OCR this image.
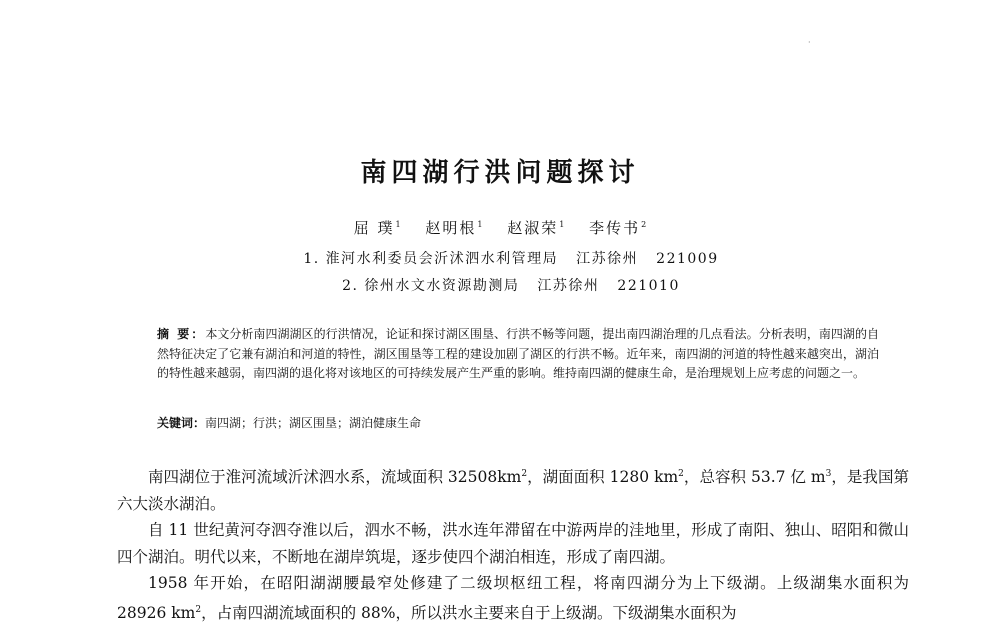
·
南四湖行洪问题探讨
屈 璞$^1$ 赵明根$^1$ 赵淑荣$^1$ 李传书$^2$
1. 淮河水利委员会沂沭泗水利管理局 江苏徐州 221009
2. 徐州水文水资源勘测局 江苏徐州 221010
摘 要：本文分析南四湖湖区的行洪情况，论证和探讨湖区围垦、行洪不畅等问题，提出南四湖治理的几点看法。分析表明，南四湖的自然特征决定了它兼有湖泊和河道的特性，湖区围垦等工程的建设加剧了湖区的行洪不畅。近年来，南四湖的河道的特性越来越突出，湖泊的特性越来越弱，南四湖的退化将对该地区的可持续发展产生严重的影响。维持南四湖的健康生命，是治理规划上应考虑的问题之一。
关键词：南四湖；行洪；湖区围垦；湖泊健康生命

南四湖位于淮河流域沂沭泗水系，流域面积 $32508km^2$，湖面面积 1280 $km^2$，总容积 53.7 亿 $m^3$，是我国第六大淡水湖泊。

自 11 世纪黄河夺泗夺淮以后，泗水不畅，洪水连年滞留在中游两岸的洼地里，形成了南阳、独山、昭阳和微山四个湖泊。明代以来，不断地在湖岸筑堤，逐步使四个湖泊相连，形成了南四湖。

1958 年开始，在昭阳湖湖腰最窄处修建了二级坝枢纽工程，将南四湖分为上下级湖。上级湖集水面积为 28926 $km^2$，占南四湖流域面积的 88%，所以洪水主要来自于上级湖。下级湖集水面积为
